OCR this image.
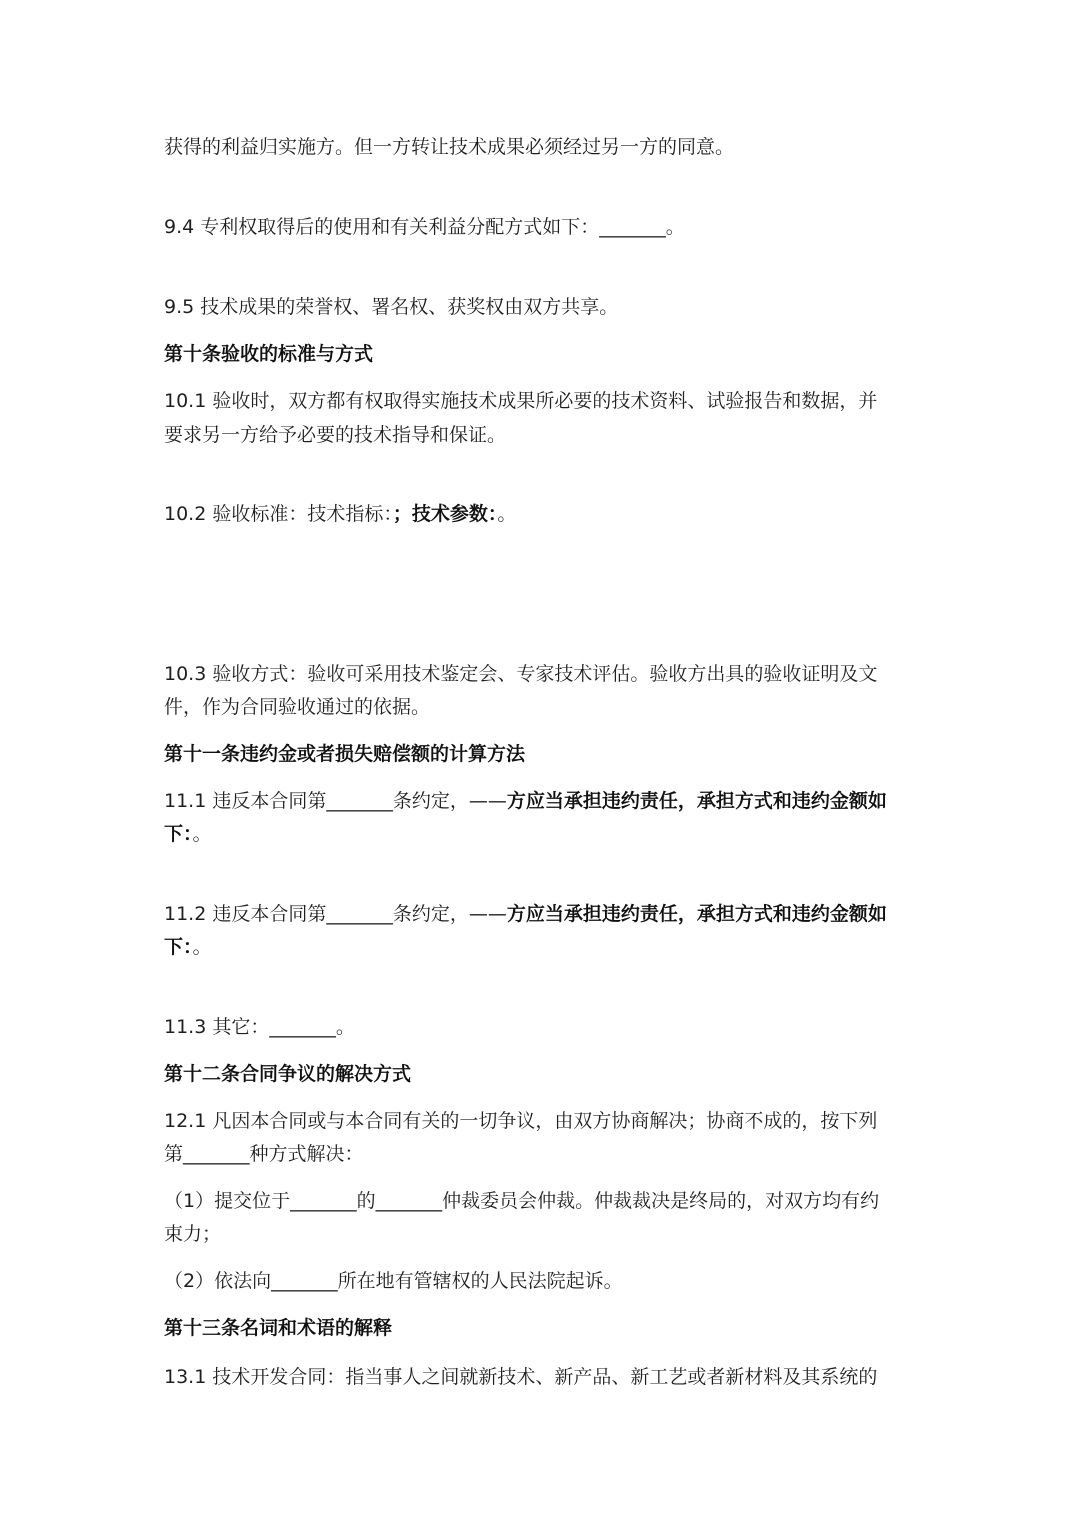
获得的利益归实施方。但一方转让技术成果必须经过另一方的同意。
9.4 专利权取得后的使用和有关利益分配方式如下：_______。
9.5 技术成果的荣誉权、署名权、获奖权由双方共享。
第十条验收的标准与方式
10.1 验收时，双方都有权取得实施技术成果所必要的技术资料、试验报告和数据，并
要求另一方给予必要的技术指导和保证。
10.2 验收标准：技术指标：；技术参数：。
10.3 验收方式：验收可采用技术鉴定会、专家技术评估。验收方出具的验收证明及文
件，作为合同验收通过的依据。
第十一条违约金或者损失赔偿额的计算方法
11.1 违反本合同第_______条约定，——方应当承担违约责任，承担方式和违约金额如
下：。
11.2 违反本合同第_______条约定，——方应当承担违约责任，承担方式和违约金额如
下：。
11.3 其它：_______。
第十二条合同争议的解决方式
12.1 凡因本合同或与本合同有关的一切争议，由双方协商解决；协商不成的，按下列
第_______种方式解决：
（1）提交位于_______的_______仲裁委员会仲裁。仲裁裁决是终局的，对双方均有约
束力；
（2）依法向_______所在地有管辖权的人民法院起诉。
第十三条名词和术语的解释
13.1 技术开发合同：指当事人之间就新技术、新产品、新工艺或者新材料及其系统的
